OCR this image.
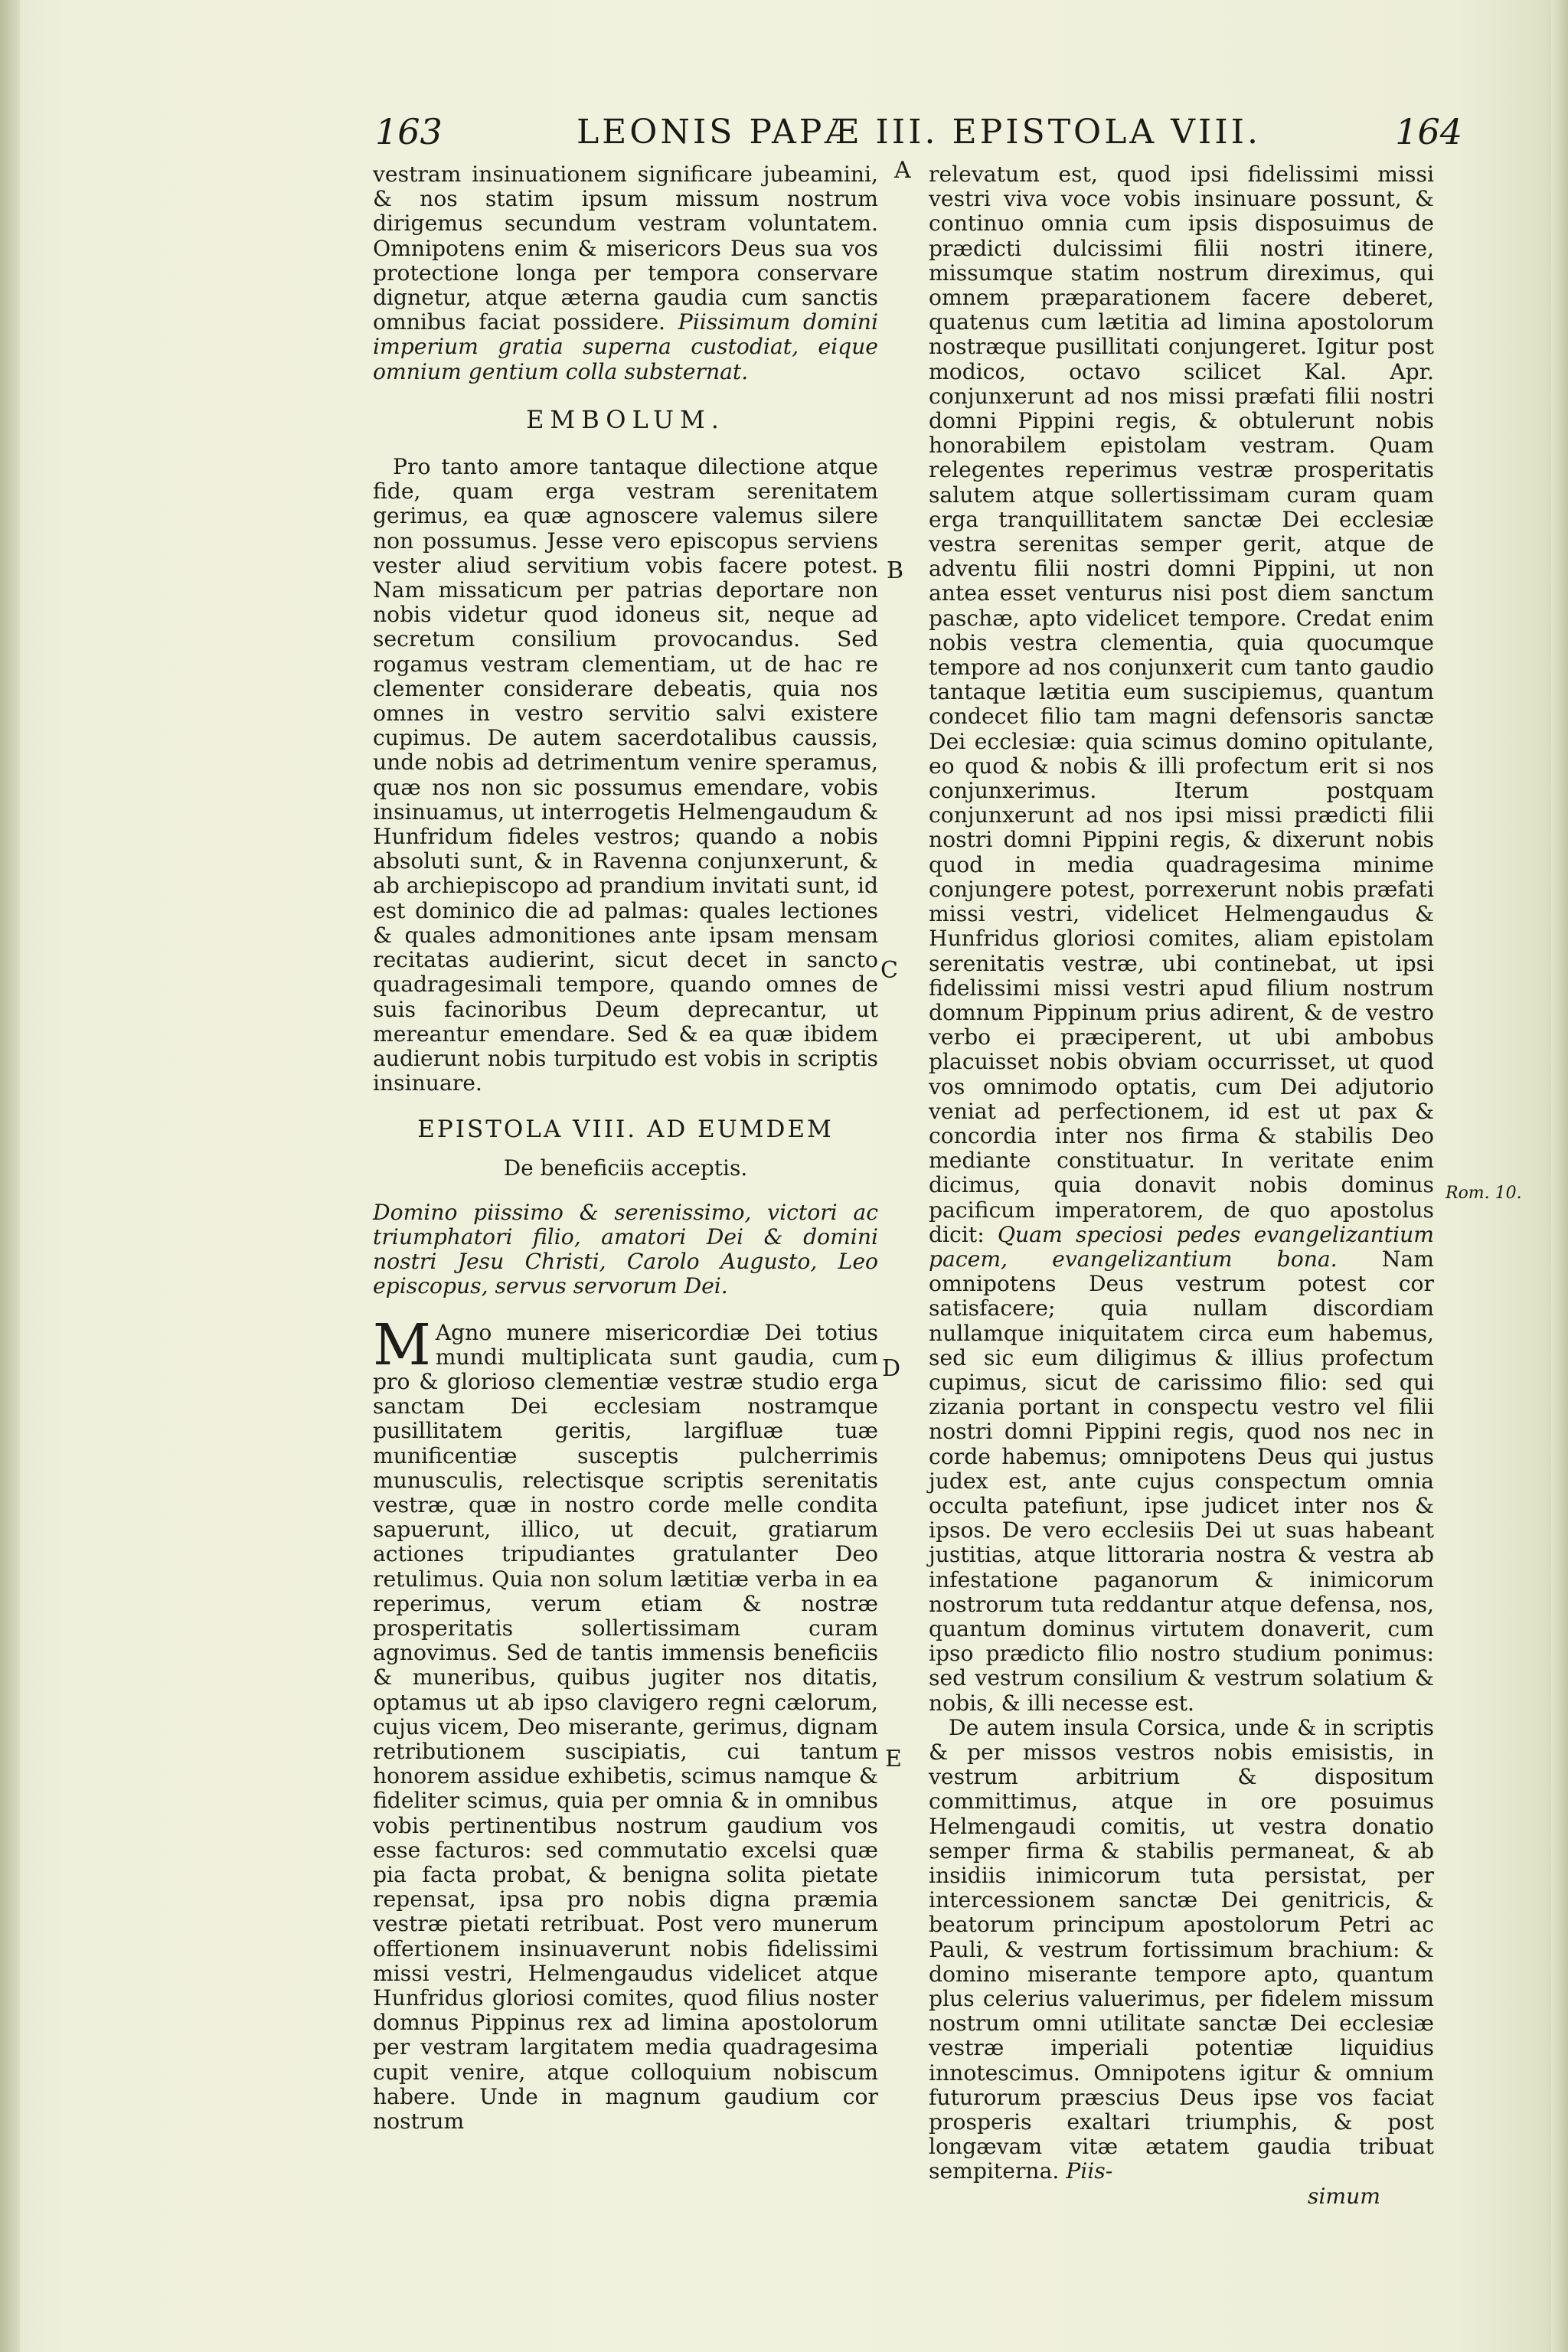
163	LEONIS PAPÆ III. EPISTOLA VIII.	164

vestram insinuationem significare jubeamini, & nos statim ipsum missum nostrum dirigemus secundum vestram voluntatem. Omnipotens enim & misericors Deus sua vos protectione longa per tempora conservare dignetur, atque æterna gaudia cum sanctis omnibus faciat possidere. Piissimum domini imperium gratia superna custodiat, eique omnium gentium colla substernat.

EMBOLUM.

Pro tanto amore tantaque dilectione atque fide, quam erga vestram serenitatem gerimus, ea quæ agnoscere valemus silere non possumus. Jesse vero episcopus serviens vester aliud servitium vobis facere potest. Nam missaticum per patrias deportare non nobis videtur quod idoneus sit, neque ad secretum consilium provocandus. Sed rogamus vestram clementiam, ut de hac re clementer considerare debeatis, quia nos omnes in vestro servitio salvi existere cupimus. De autem sacerdotalibus caussis, unde nobis ad detrimentum venire speramus, quæ nos non sic possumus emendare, vobis insinuamus, ut interrogetis Helmengaudum & Hunfridum fideles vestros; quando a nobis absoluti sunt, & in Ravenna conjunxerunt, & ab archiepiscopo ad prandium invitati sunt, id est dominico die ad palmas: quales lectiones & quales admonitiones ante ipsam mensam recitatas audierint, sicut decet in sancto quadragesimali tempore, quando omnes de suis facinoribus Deum deprecantur, ut mereantur emendare. Sed & ea quæ ibidem audierunt nobis turpitudo est vobis in scriptis insinuare.

EPISTOLA VIII. AD EUMDEM

De beneficiis acceptis.

Domino piissimo & serenissimo, victori ac triumphatori filio, amatori Dei & domini nostri Jesu Christi, Carolo Augusto, Leo episcopus, servus servorum Dei.

M Agno munere misericordiæ Dei totius mundi multiplicata sunt gaudia, cum pro & glorioso clementiæ vestræ studio erga sanctam Dei ecclesiam nostramque pusillitatem geritis, largifluæ tuæ munificentiæ susceptis pulcherrimis munusculis, relectisque scriptis serenitatis vestræ, quæ in nostro corde melle condita sapuerunt, illico, ut decuit, gratiarum actiones tripudiantes gratulanter Deo retulimus. Quia non solum lætitiæ verba in ea reperimus, verum etiam & nostræ prosperitatis sollertissimam curam agnovimus. Sed de tantis immensis beneficiis & muneribus, quibus jugiter nos ditatis, optamus ut ab ipso clavigero regni cælorum, cujus vicem, Deo miserante, gerimus, dignam retributionem suscipiatis, cui tantum honorem assidue exhibetis, scimus namque & fideliter scimus, quia per omnia & in omnibus vobis pertinentibus nostrum gaudium vos esse facturos: sed commutatio excelsi quæ pia facta probat, & benigna solita pietate repensat, ipsa pro nobis digna præmia vestræ pietati retribuat. Post vero munerum offertionem insinuaverunt nobis fidelissimi missi vestri, Helmengaudus videlicet atque Hunfridus gloriosi comites, quod filius noster domnus Pippinus rex ad limina apostolorum per vestram largitatem media quadragesima cupit venire, atque colloquium nobiscum habere. Unde in magnum gaudium cor nostrum

relevatum est, quod ipsi fidelissimi missi vestri viva voce vobis insinuare possunt, & continuo omnia cum ipsis disposuimus de prædicti dulcissimi filii nostri itinere, missumque statim nostrum direximus, qui omnem præparationem facere deberet, quatenus cum lætitia ad limina apostolorum nostræque pusillitati conjungeret. Igitur post modicos, octavo scilicet Kal. Apr. conjunxerunt ad nos missi præfati filii nostri domni Pippini regis, & obtulerunt nobis honorabilem epistolam vestram. Quam relegentes reperimus vestræ prosperitatis salutem atque sollertissimam curam quam erga tranquillitatem sanctæ Dei ecclesiæ vestra serenitas semper gerit, atque de adventu filii nostri domni Pippini, ut non antea esset venturus nisi post diem sanctum paschæ, apto videlicet tempore. Credat enim nobis vestra clementia, quia quocumque tempore ad nos conjunxerit cum tanto gaudio tantaque lætitia eum suscipiemus, quantum condecet filio tam magni defensoris sanctæ Dei ecclesiæ: quia scimus domino opitulante, eo quod & nobis & illi profectum erit si nos conjunxerimus. Iterum postquam conjunxerunt ad nos ipsi missi prædicti filii nostri domni Pippini regis, & dixerunt nobis quod in media quadragesima minime conjungere potest, porrexerunt nobis præfati missi vestri, videlicet Helmengaudus & Hunfridus gloriosi comites, aliam epistolam serenitatis vestræ, ubi continebat, ut ipsi fidelissimi missi vestri apud filium nostrum domnum Pippinum prius adirent, & de vestro verbo ei præciperent, ut ubi ambobus placuisset nobis obviam occurrisset, ut quod vos omnimodo optatis, cum Dei adjutorio veniat ad perfectionem, id est ut pax & concordia inter nos firma & stabilis Deo mediante constituatur. In veritate enim dicimus, quia donavit nobis dominus pacificum imperatorem, de quo apostolus dicit: Quam speciosi pedes evangelizantium pacem, evangelizantium bona. Nam omnipotens Deus vestrum potest cor satisfacere; quia nullam discordiam nullamque iniquitatem circa eum habemus, sed sic eum diligimus & illius profectum cupimus, sicut de carissimo filio: sed qui zizania portant in conspectu vestro vel filii nostri domni Pippini regis, quod nos nec in corde habemus; omnipotens Deus qui justus judex est, ante cujus conspectum omnia occulta patefiunt, ipse judicet inter nos & ipsos. De vero ecclesiis Dei ut suas habeant justitias, atque littoraria nostra & vestra ab infestatione paganorum & inimicorum nostrorum tuta reddantur atque defensa, nos, quantum dominus virtutem donaverit, cum ipso prædicto filio nostro studium ponimus: sed vestrum consilium & vestrum solatium & nobis, & illi necesse est.

De autem insula Corsica, unde & in scriptis & per missos vestros nobis emisistis, in vestrum arbitrium & dispositum committimus, atque in ore posuimus Helmengaudi comitis, ut vestra donatio semper firma & stabilis permaneat, & ab insidiis inimicorum tuta persistat, per intercessionem sanctæ Dei genitricis, & beatorum principum apostolorum Petri ac Pauli, & vestrum fortissimum brachium: & domino miserante tempore apto, quantum plus celerius valuerimus, per fidelem missum nostrum omni utilitate sanctæ Dei ecclesiæ vestræ imperiali potentiæ liquidius innotescimus. Omnipotens igitur & omnium futurorum præscius Deus ipse vos faciat prosperis exaltari triumphis, & post longævam vitæ ætatem gaudia tribuat sempiterna. Piis-

simum

A
B
C
D
E
Rom. 10.
